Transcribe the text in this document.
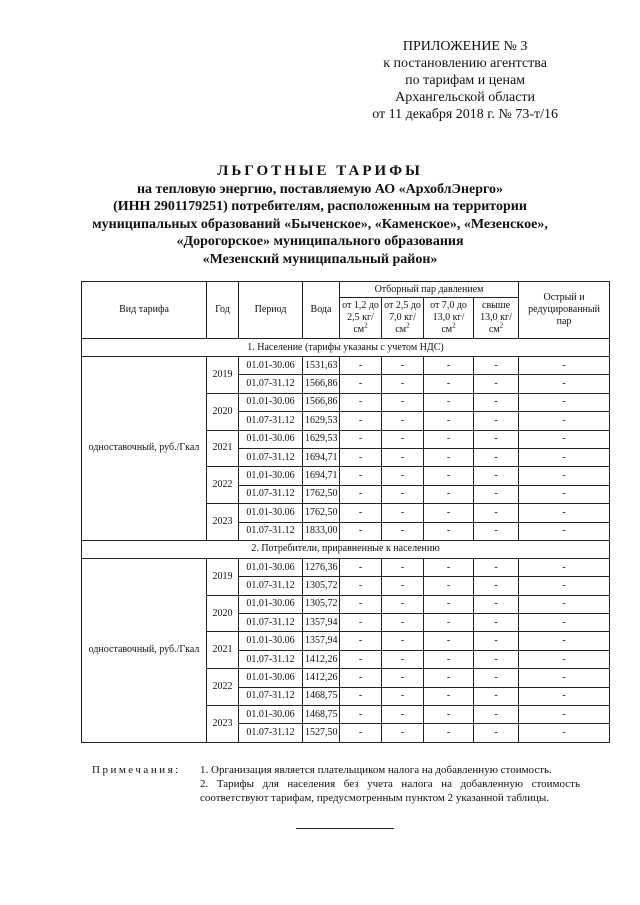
ПРИЛОЖЕНИЕ № 3
к постановлению агентства
по тарифам и ценам
Архангельской области
от 11 декабря 2018 г. № 73-т/16
ЛЬГОТНЫЕ ТАРИФЫ
на тепловую энергию, поставляемую АО «АрхоблЭнерго»
(ИНН 2901179251) потребителям, расположенным на территории
муниципальных образований «Быченское», «Каменское», «Мезенское»,
«Дорогорское» муниципального образования
«Мезенский муниципальный район»
Вид тарифа	Год	Период	Вода	Отборный пар давлением				Острый и редуцированный пар
				от 1,2 до 2,5 $кг/см^2$	от 2,5 до 7,0 $кг/см^2$	от 7,0 до 13,0 $кг/см^2$	свыше 13,0 $кг/см^2$
1. Население (тарифы указаны с учетом НДС)								
одноставочный, руб./Гкал	2019	01.01-30.06	1531,63	-	-	-	-	-
		01.07-31.12	1566,86	-	-	-	-	-
	2020	01.01-30.06	1566,86	-	-	-	-	-
		01.07-31.12	1629,53	-	-	-	-	-
	2021	01.01-30.06	1629,53	-	-	-	-	-
		01.07-31.12	1694,71	-	-	-	-	-
	2022	01.01-30.06	1694,71	-	-	-	-	-
		01.07-31.12	1762,50	-	-	-	-	-
	2023	01.01-30.06	1762,50	-	-	-	-	-
		01.07-31.12	1833,00	-	-	-	-	-
2. Потребители, приравненные к населению								
одноставочный, руб./Гкал	2019	01.01-30.06	1276,36	-	-	-	-	-
		01.07-31.12	1305,72	-	-	-	-	-
	2020	01.01-30.06	1305,72	-	-	-	-	-
		01.07-31.12	1357,94	-	-	-	-	-
	2021	01.01-30.06	1357,94	-	-	-	-	-
		01.07-31.12	1412,26	-	-	-	-	-
	2022	01.01-30.06	1412,26	-	-	-	-	-
		01.07-31.12	1468,75	-	-	-	-	-
	2023	01.01-30.06	1468,75	-	-	-	-	-
		01.07-31.12	1527,50	-	-	-	-	-
Примечания: 1. Организация является плательщиком налога на добавленную стоимость.

2. Тарифы для населения без учета налога на добавленную стоимость соответствуют тарифам, предусмотренным пунктом 2 указанной таблицы.
